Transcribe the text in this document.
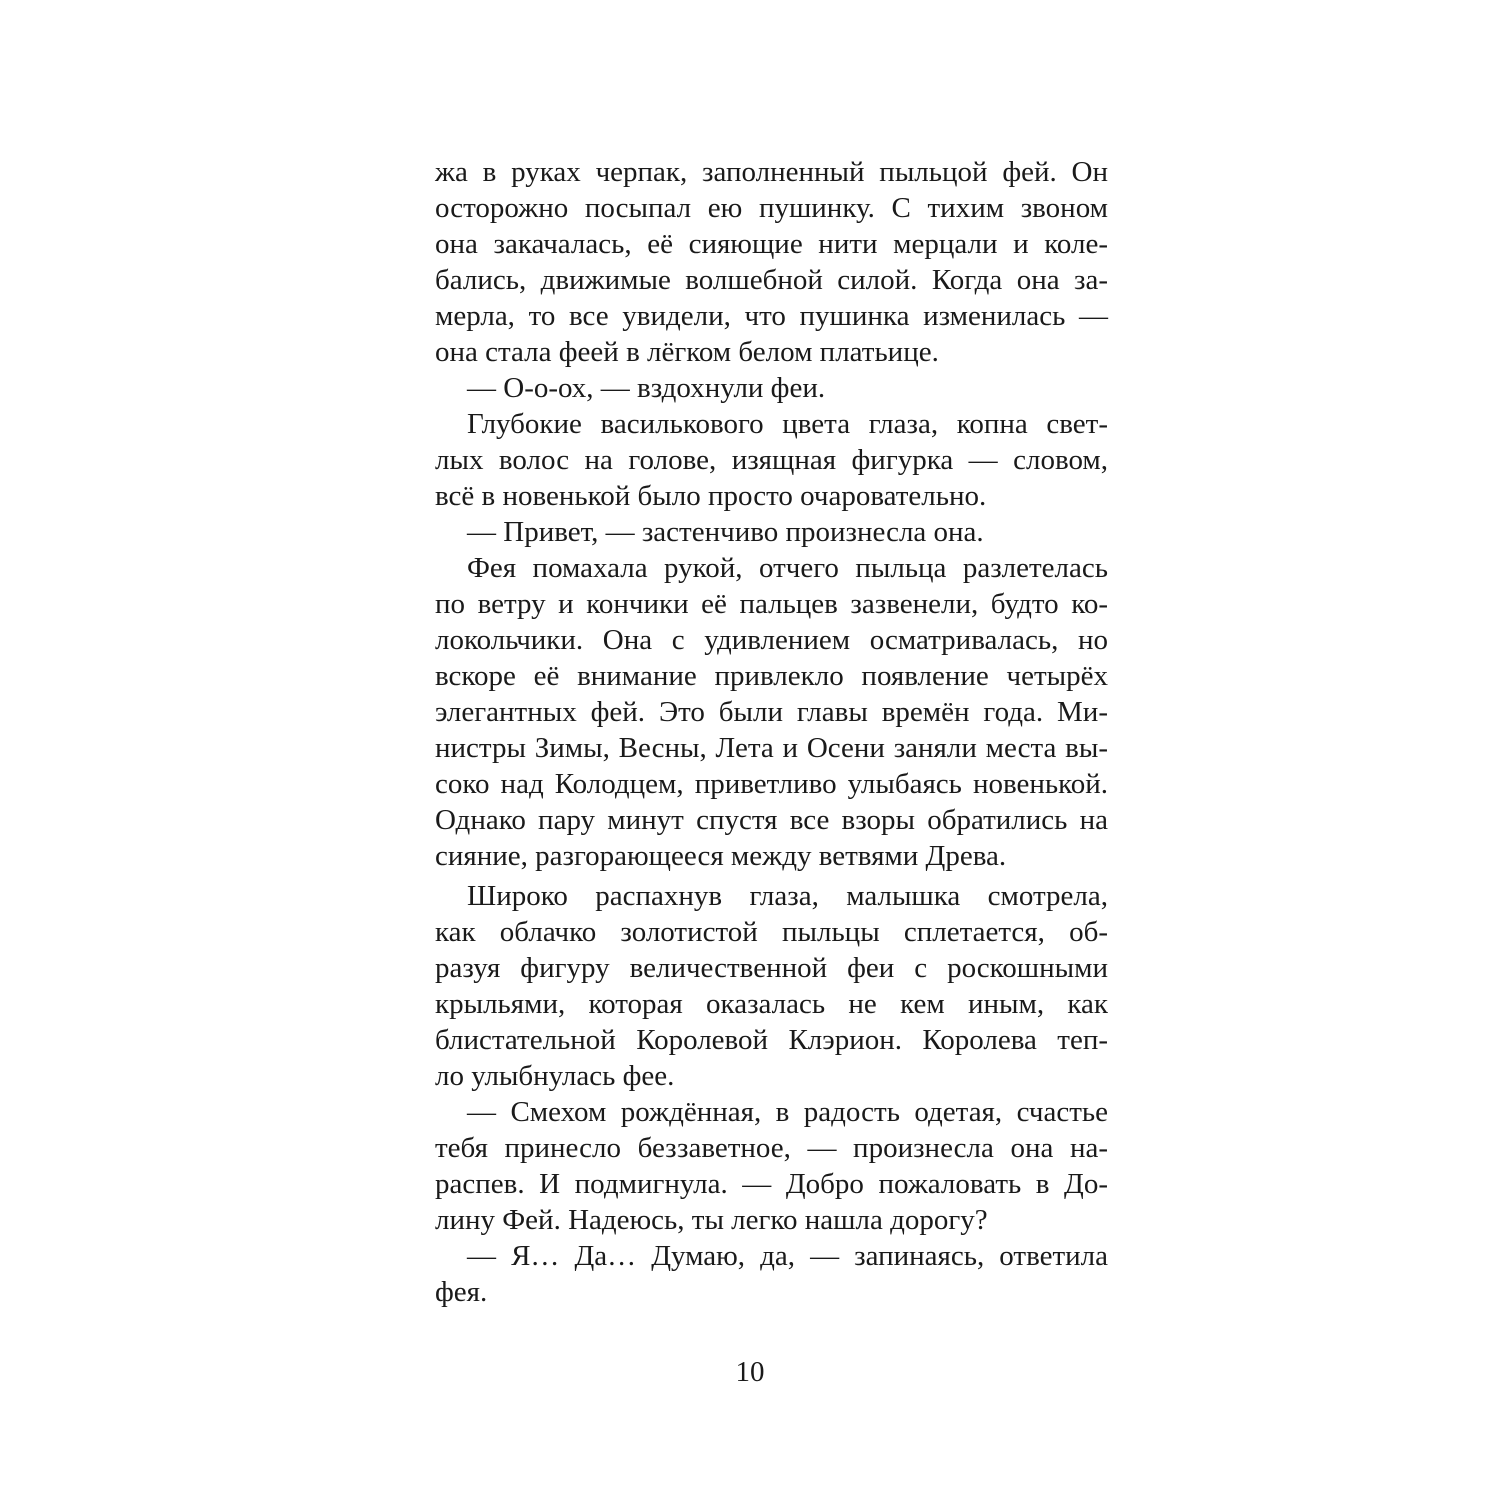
жа в руках черпак, заполненный пыльцой фей. Он
осторожно посыпал ею пушинку. С тихим звоном
она закачалась, её сияющие нити мерцали и коле-
бались, движимые волшебной силой. Когда она за-
мерла, то все увидели, что пушинка изменилась —
она стала феей в лёгком белом платьице.
— О-о-ох, — вздохнули феи.
Глубокие василькового цвета глаза, копна свет-
лых волос на голове, изящная фигурка — словом,
всё в новенькой было просто очаровательно.
— Привет, — застенчиво произнесла она.
Фея помахала рукой, отчего пыльца разлетелась
по ветру и кончики её пальцев зазвенели, будто ко-
локольчики. Она с удивлением осматривалась, но
вскоре её внимание привлекло появление четырёх
элегантных фей. Это были главы времён года. Ми-
нистры Зимы, Весны, Лета и Осени заняли места вы-
соко над Колодцем, приветливо улыбаясь новенькой.
Однако пару минут спустя все взоры обратились на
сияние, разгорающееся между ветвями Древа.
Широко распахнув глаза, малышка смотрела,
как облачко золотистой пыльцы сплетается, об-
разуя фигуру величественной феи с роскошными
крыльями, которая оказалась не кем иным, как
блистательной Королевой Клэрион. Королева теп-
ло улыбнулась фее.
— Смехом рождённая, в радость одетая, счастье
тебя принесло беззаветное, — произнесла она на-
распев. И подмигнула. — Добро пожаловать в До-
лину Фей. Надеюсь, ты легко нашла дорогу?
— Я… Да… Думаю, да, — запинаясь, ответила
фея.
10
